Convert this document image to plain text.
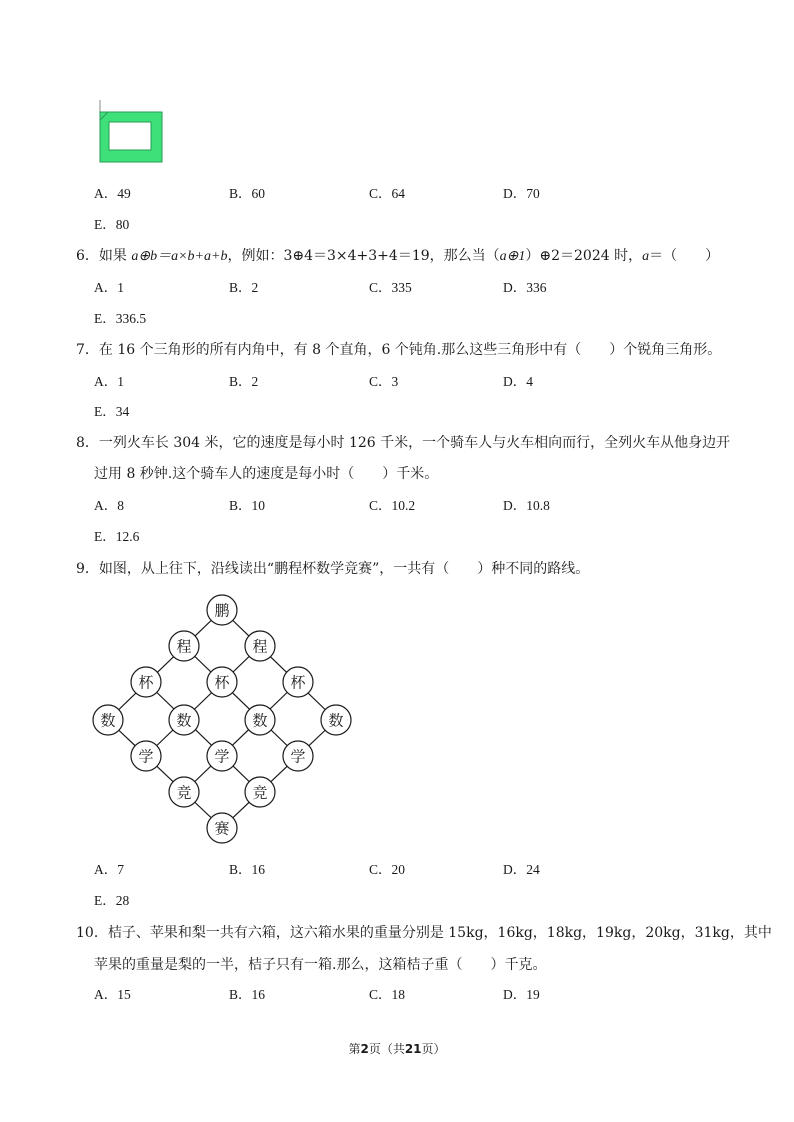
A．49	B．60	C．64	D．70
E．80
6．如果 a⊕b＝a×b+a+b，例如：3⊕4＝3×4+3+4＝19，那么当（a⊕1）⊕2＝2024 时，a＝（　　）
A．1	B．2	C．335	D．336
E．336.5
7．在 16 个三角形的所有内角中，有 8 个直角，6 个钝角.那么这些三角形中有（　　）个锐角三角形。
A．1	B．2	C．3	D．4
E．34
8．一列火车长 304 米，它的速度是每小时 126 千米，一个骑车人与火车相向而行，全列火车从他身边开
过用 8 秒钟.这个骑车人的速度是每小时（　　）千米。
A．8	B．10	C．10.2	D．10.8
E．12.6
9．如图，从上往下，沿线读出“鹏程杯数学竞赛”，一共有（　　）种不同的路线。
鹏
程	程
杯	杯	杯
数	数	数	数
学	学	学
竞	竞
赛
A．7	B．16	C．20	D．24
E．28
10．桔子、苹果和梨一共有六箱，这六箱水果的重量分别是 15kg，16kg，18kg，19kg，20kg，31kg，其中
苹果的重量是梨的一半，桔子只有一箱.那么，这箱桔子重（　　）千克。
A．15	B．16	C．18	D．19
第2页（共21页）
